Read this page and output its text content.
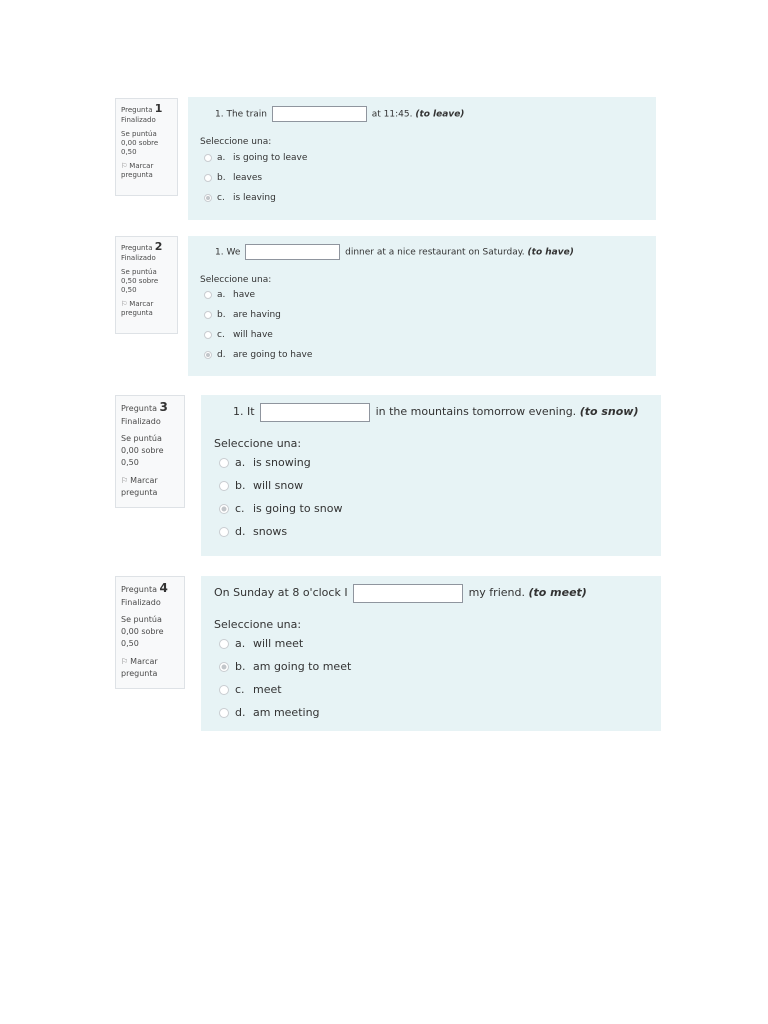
Pregunta 1
Finalizado
Se puntúa
0,00 sobre
0,50
⚐ Marcar
pregunta
1. The train	at 11:45. (to leave)
Seleccione una:
a. is going to leave
b. leaves
c. is leaving
Pregunta 2
Finalizado
Se puntúa
0,50 sobre
0,50
⚐ Marcar
pregunta
1. We	dinner at a nice restaurant on Saturday. (to have)
Seleccione una:
a. have
b. are having
c. will have
d. are going to have
Pregunta 3
Finalizado
Se puntúa
0,00 sobre
0,50
⚐ Marcar
pregunta
1. It	in the mountains tomorrow evening. (to snow)
Seleccione una:
a. is snowing
b. will snow
c. is going to snow
d. snows
Pregunta 4
Finalizado
Se puntúa
0,00 sobre
0,50
⚐ Marcar
pregunta
On Sunday at 8 o'clock I	my friend. (to meet)
Seleccione una:
a. will meet
b. am going to meet
c. meet
d. am meeting
